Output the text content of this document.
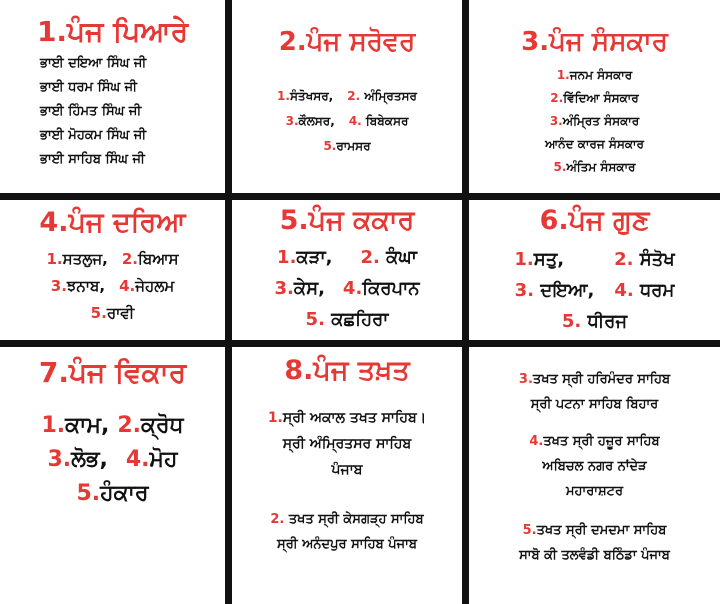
1.ਪੰਜ ਪਿਆਰੇ
ਭਾਈ ਦਇਆ ਸਿੰਘ ਜੀ
ਭਾਈ ਧਰਮ ਸਿੰਘ ਜੀ
ਭਾਈ ਹਿੰਮਤ ਸਿੰਘ ਜੀ
ਭਾਈ ਮੋਹਕਮ ਸਿੰਘ ਜੀ
ਭਾਈ ਸਾਹਿਬ ਸਿੰਘ ਜੀ
2.ਪੰਜ ਸਰੋਵਰ
1.ਸੰਤੋਖਸਰ, 2. ਅੰਮ੍ਰਿਤਸਰ
3.ਕੌਲਸਰ, 4. ਬਿਬੇਕਸਰ
5.ਰਾਮਸਰ
3.ਪੰਜ ਸੰਸਕਾਰ
1.ਜਨਮ ਸੰਸਕਾਰ
2.ਵਿੱਦਿਆ ਸੰਸਕਾਰ
3.ਅੰਮ੍ਰਿਤ ਸੰਸਕਾਰ
ਆਨੰਦ ਕਾਰਜ ਸੰਸਕਾਰ
5.ਅੰਤਿਮ ਸੰਸਕਾਰ
4.ਪੰਜ ਦਰਿਆ
1.ਸਤਲੁਜ, 2.ਬਿਆਸ
3.ਝਨਾਬ, 4.ਜੇਹਲਮ
5.ਰਾਵੀ
5.ਪੰਜ ਕਕਾਰ
1.ਕੜਾ, 2. ਕੰਘਾ
3.ਕੇਸ, 4.ਕਿਰਪਾਨ
5. ਕਛਹਿਰਾ
6.ਪੰਜ ਗੁਣ
1.ਸਤੁ,	2. ਸੰਤੋਖ
3. ਦਇਆ, 4. ਧਰਮ
5. ਧੀਰਜ
7.ਪੰਜ ਵਿਕਾਰ
1.ਕਾਮ, 2.ਕ੍ਰੋਧ
3.ਲੋਭ, 4.ਮੋਹ
5.ਹੰਕਾਰ
8.ਪੰਜ ਤਖ਼ਤ
1.ਸ੍ਰੀ ਅਕਾਲ ਤਖਤ ਸਾਹਿਬ।
ਸ੍ਰੀ ਅੰਮ੍ਰਿਤਸਰ ਸਾਹਿਬ
ਪੰਜਾਬ
2. ਤਖਤ ਸ੍ਰੀ ਕੇਸਗੜ੍ਹ ਸਾਹਿਬ
ਸ੍ਰੀ ਅਨੰਦਪੁਰ ਸਾਹਿਬ ਪੰਜਾਬ
3.ਤਖਤ ਸ੍ਰੀ ਹਰਿਮੰਦਰ ਸਾਹਿਬ
ਸ੍ਰੀ ਪਟਨਾ ਸਾਹਿਬ ਬਿਹਾਰ
4.ਤਖਤ ਸ੍ਰੀ ਹਜ਼ੂਰ ਸਾਹਿਬ
ਅਬਿਚਲ ਨਗਰ ਨਾਂਦੇੜ
ਮਹਾਰਾਸ਼ਟਰ
5.ਤਖਤ ਸ੍ਰੀ ਦਮਦਮਾ ਸਾਹਿਬ
ਸਾਬੋ ਕੀ ਤਲਵੰਡੀ ਬਠਿੰਡਾ ਪੰਜਾਬ
